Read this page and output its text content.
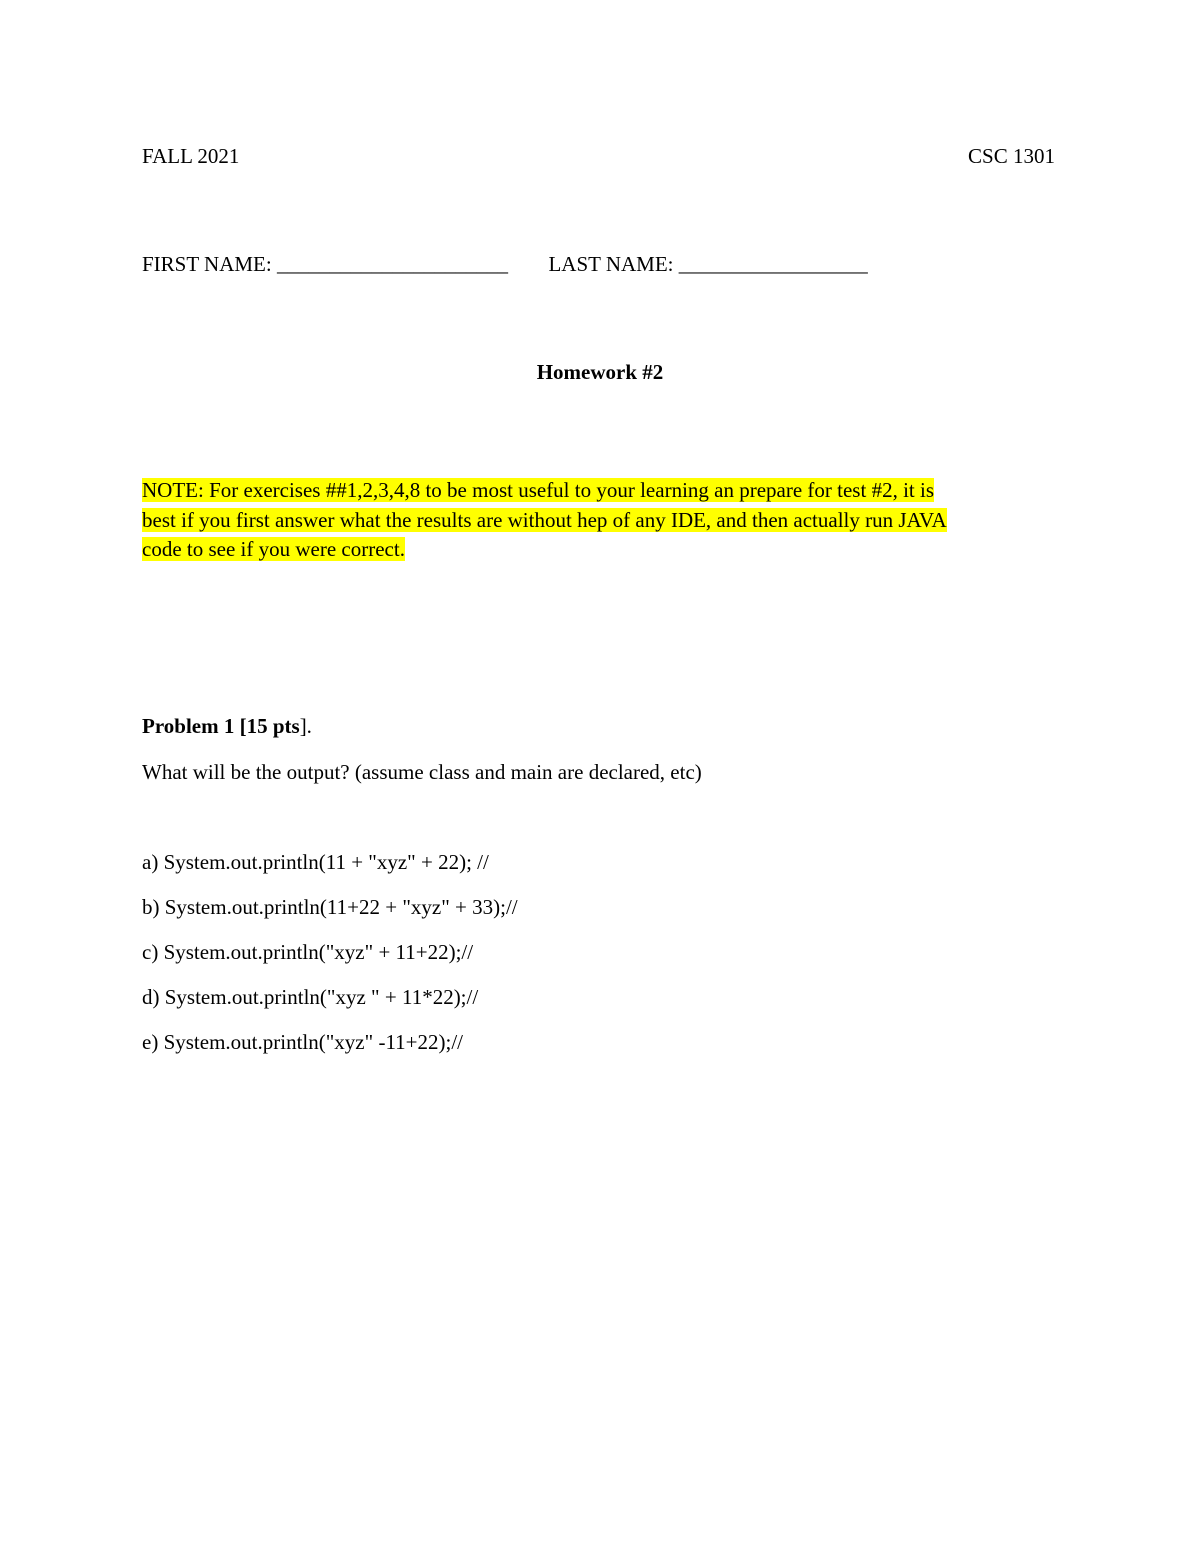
FALL 2021	CSC 1301
FIRST NAME: ______________________ LAST NAME: __________________
Homework #2
NOTE: For exercises ##1,2,3,4,8 to be most useful to your learning an prepare for test #2, it is
best if you first answer what the results are without hep of any IDE, and then actually run JAVA
code to see if you were correct.
Problem 1 [15 pts].
What will be the output? (assume class and main are declared, etc)
a) System.out.println(11 + "xyz" + 22); //
b) System.out.println(11+22 + "xyz" + 33);//
c) System.out.println("xyz" + 11+22);//
d) System.out.println("xyz " + 11*22);//
e) System.out.println("xyz" -11+22);//
